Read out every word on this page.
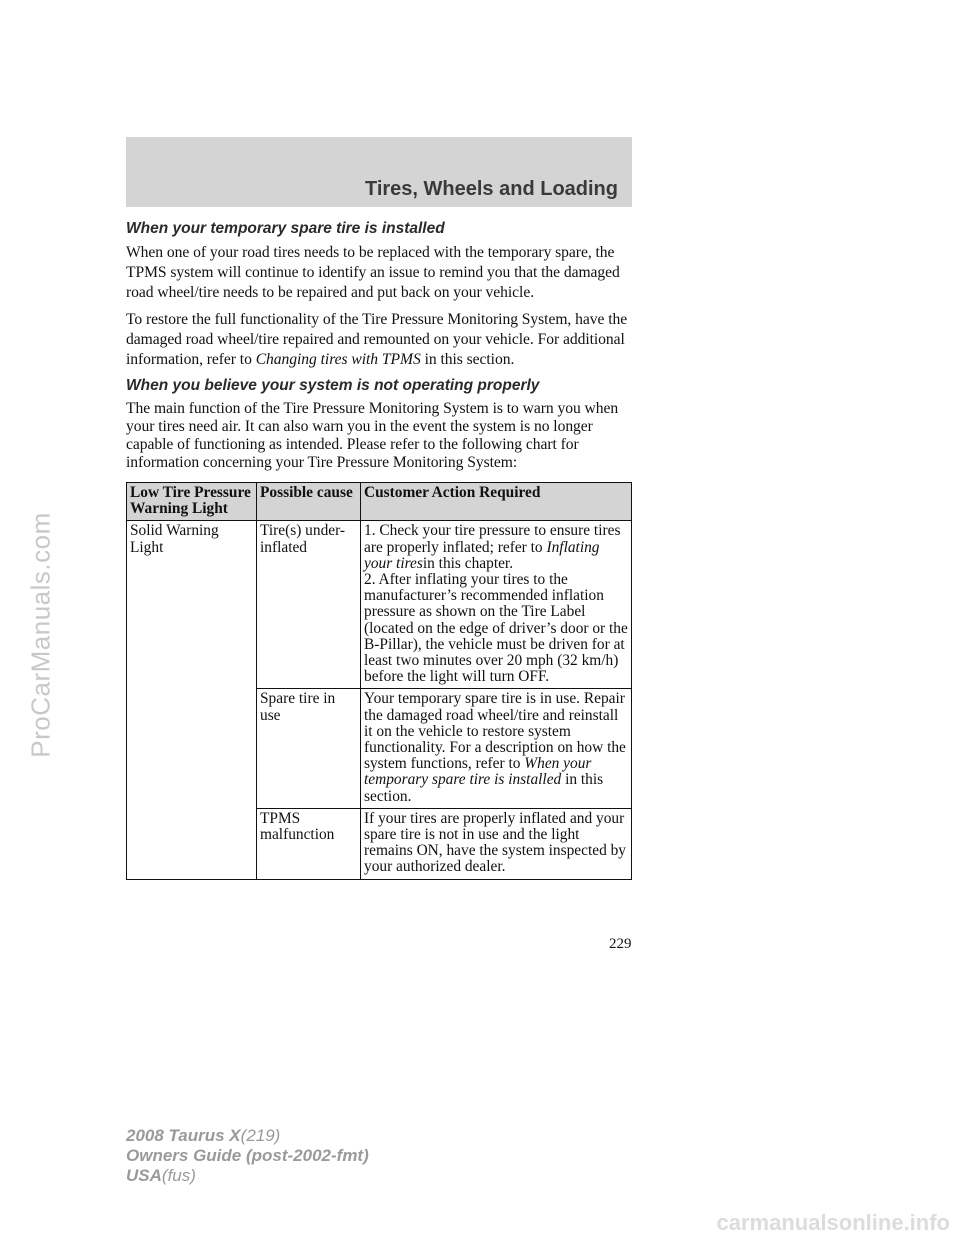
Tires, Wheels and Loading
When your temporary spare tire is installed

When one of your road tires needs to be replaced with the temporary spare, the TPMS system will continue to identify an issue to remind you that the damaged road wheel/tire needs to be repaired and put back on your vehicle.

To restore the full functionality of the Tire Pressure Monitoring System, have the damaged road wheel/tire repaired and remounted on your vehicle. For additional information, refer to Changing tires with TPMS in this section.

When you believe your system is not operating properly

The main function of the Tire Pressure Monitoring System is to warn you when your tires need air. It can also warn you in the event the system is no longer capable of functioning as intended. Please refer to the following chart for information concerning your Tire Pressure Monitoring System:

Low Tire Pressure Warning Light	Possible cause	Customer Action Required
Solid Warning Light	Tire(s) under-inflated	1. Check your tire pressure to ensure tires are properly inflated; refer to Inflating your tiresin this chapter.
2. After inflating your tires to the manufacturer’s recommended inflation pressure as shown on the Tire Label (located on the edge of driver’s door or the B-Pillar), the vehicle must be driven for at least two minutes over 20 mph (32 km/h) before the light will turn OFF.
	Spare tire in use	Your temporary spare tire is in use. Repair the damaged road wheel/tire and reinstall it on the vehicle to restore system functionality. For a description on how the system functions, refer to When your temporary spare tire is installed in this section.
	TPMS malfunction	If your tires are properly inflated and your spare tire is not in use and the light remains ON, have the system inspected by your authorized dealer.
229
2008 Taurus X(219)
Owners Guide (post-2002-fmt)
USA(fus)
ProCarManuals.com
carmanualsonline.info
